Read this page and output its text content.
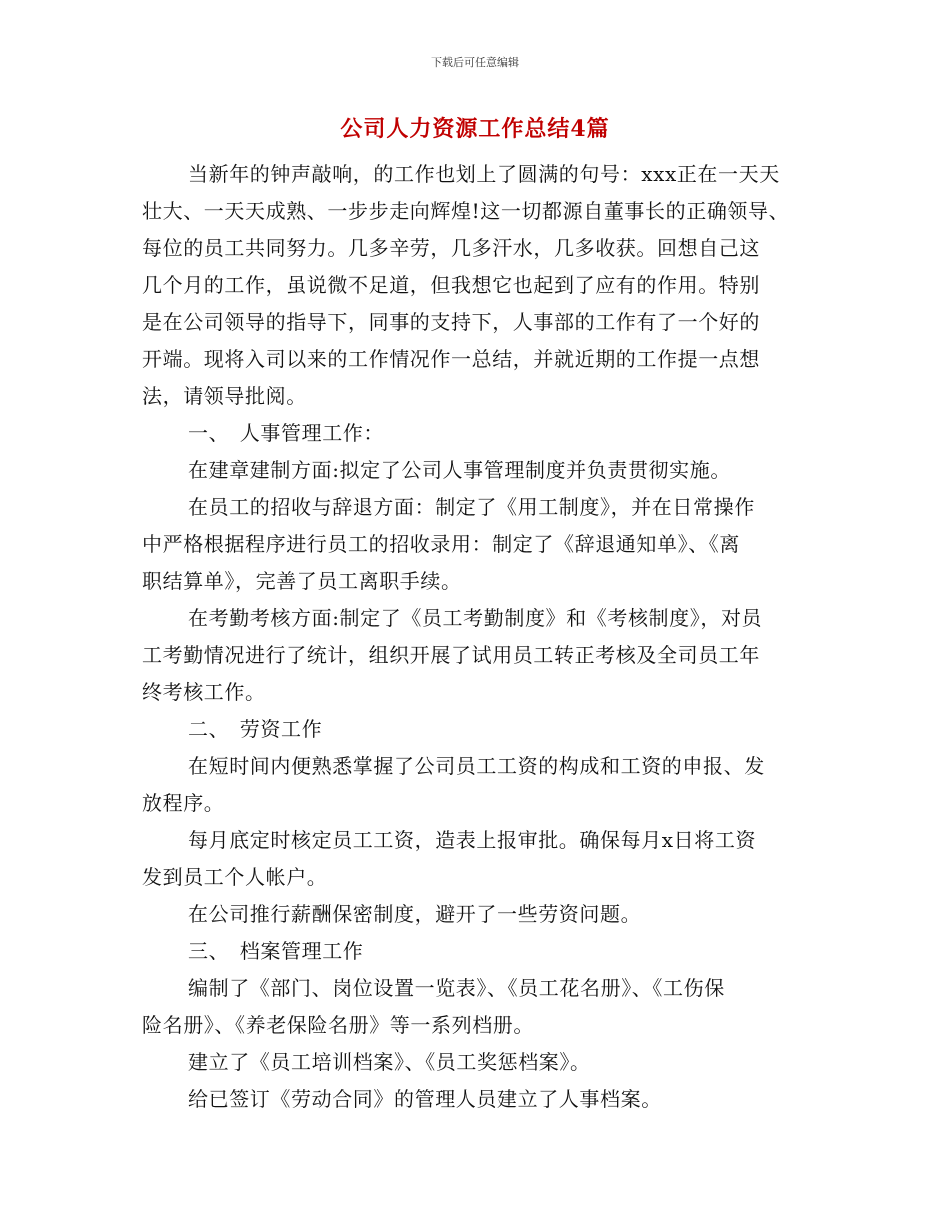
下载后可任意编辑
公司人力资源工作总结4篇
当新年的钟声敲响，的工作也划上了圆满的句号：xxx正在一天天
壮大、一天天成熟、一步步走向辉煌!这一切都源自董事长的正确领导、
每位的员工共同努力。几多辛劳，几多汗水，几多收获。回想自己这
几个月的工作，虽说微不足道，但我想它也起到了应有的作用。特别
是在公司领导的指导下，同事的支持下，人事部的工作有了一个好的
开端。现将入司以来的工作情况作一总结，并就近期的工作提一点想
法，请领导批阅。
一、　人事管理工作：
在建章建制方面:拟定了公司人事管理制度并负责贯彻实施。
在员工的招收与辞退方面：制定了《用工制度》，并在日常操作
中严格根据程序进行员工的招收录用：制定了《辞退通知单》、《离
职结算单》，完善了员工离职手续。
在考勤考核方面:制定了《员工考勤制度》和《考核制度》，对员
工考勤情况进行了统计，组织开展了试用员工转正考核及全司员工年
终考核工作。
二、　劳资工作
在短时间内便熟悉掌握了公司员工工资的构成和工资的申报、发
放程序。
每月底定时核定员工工资，造表上报审批。确保每月x日将工资
发到员工个人帐户。
在公司推行薪酬保密制度，避开了一些劳资问题。
三、　档案管理工作
编制了《部门、岗位设置一览表》、《员工花名册》、《工伤保
险名册》、《养老保险名册》等一系列档册。
建立了《员工培训档案》、《员工奖惩档案》。
给已签订《劳动合同》的管理人员建立了人事档案。
